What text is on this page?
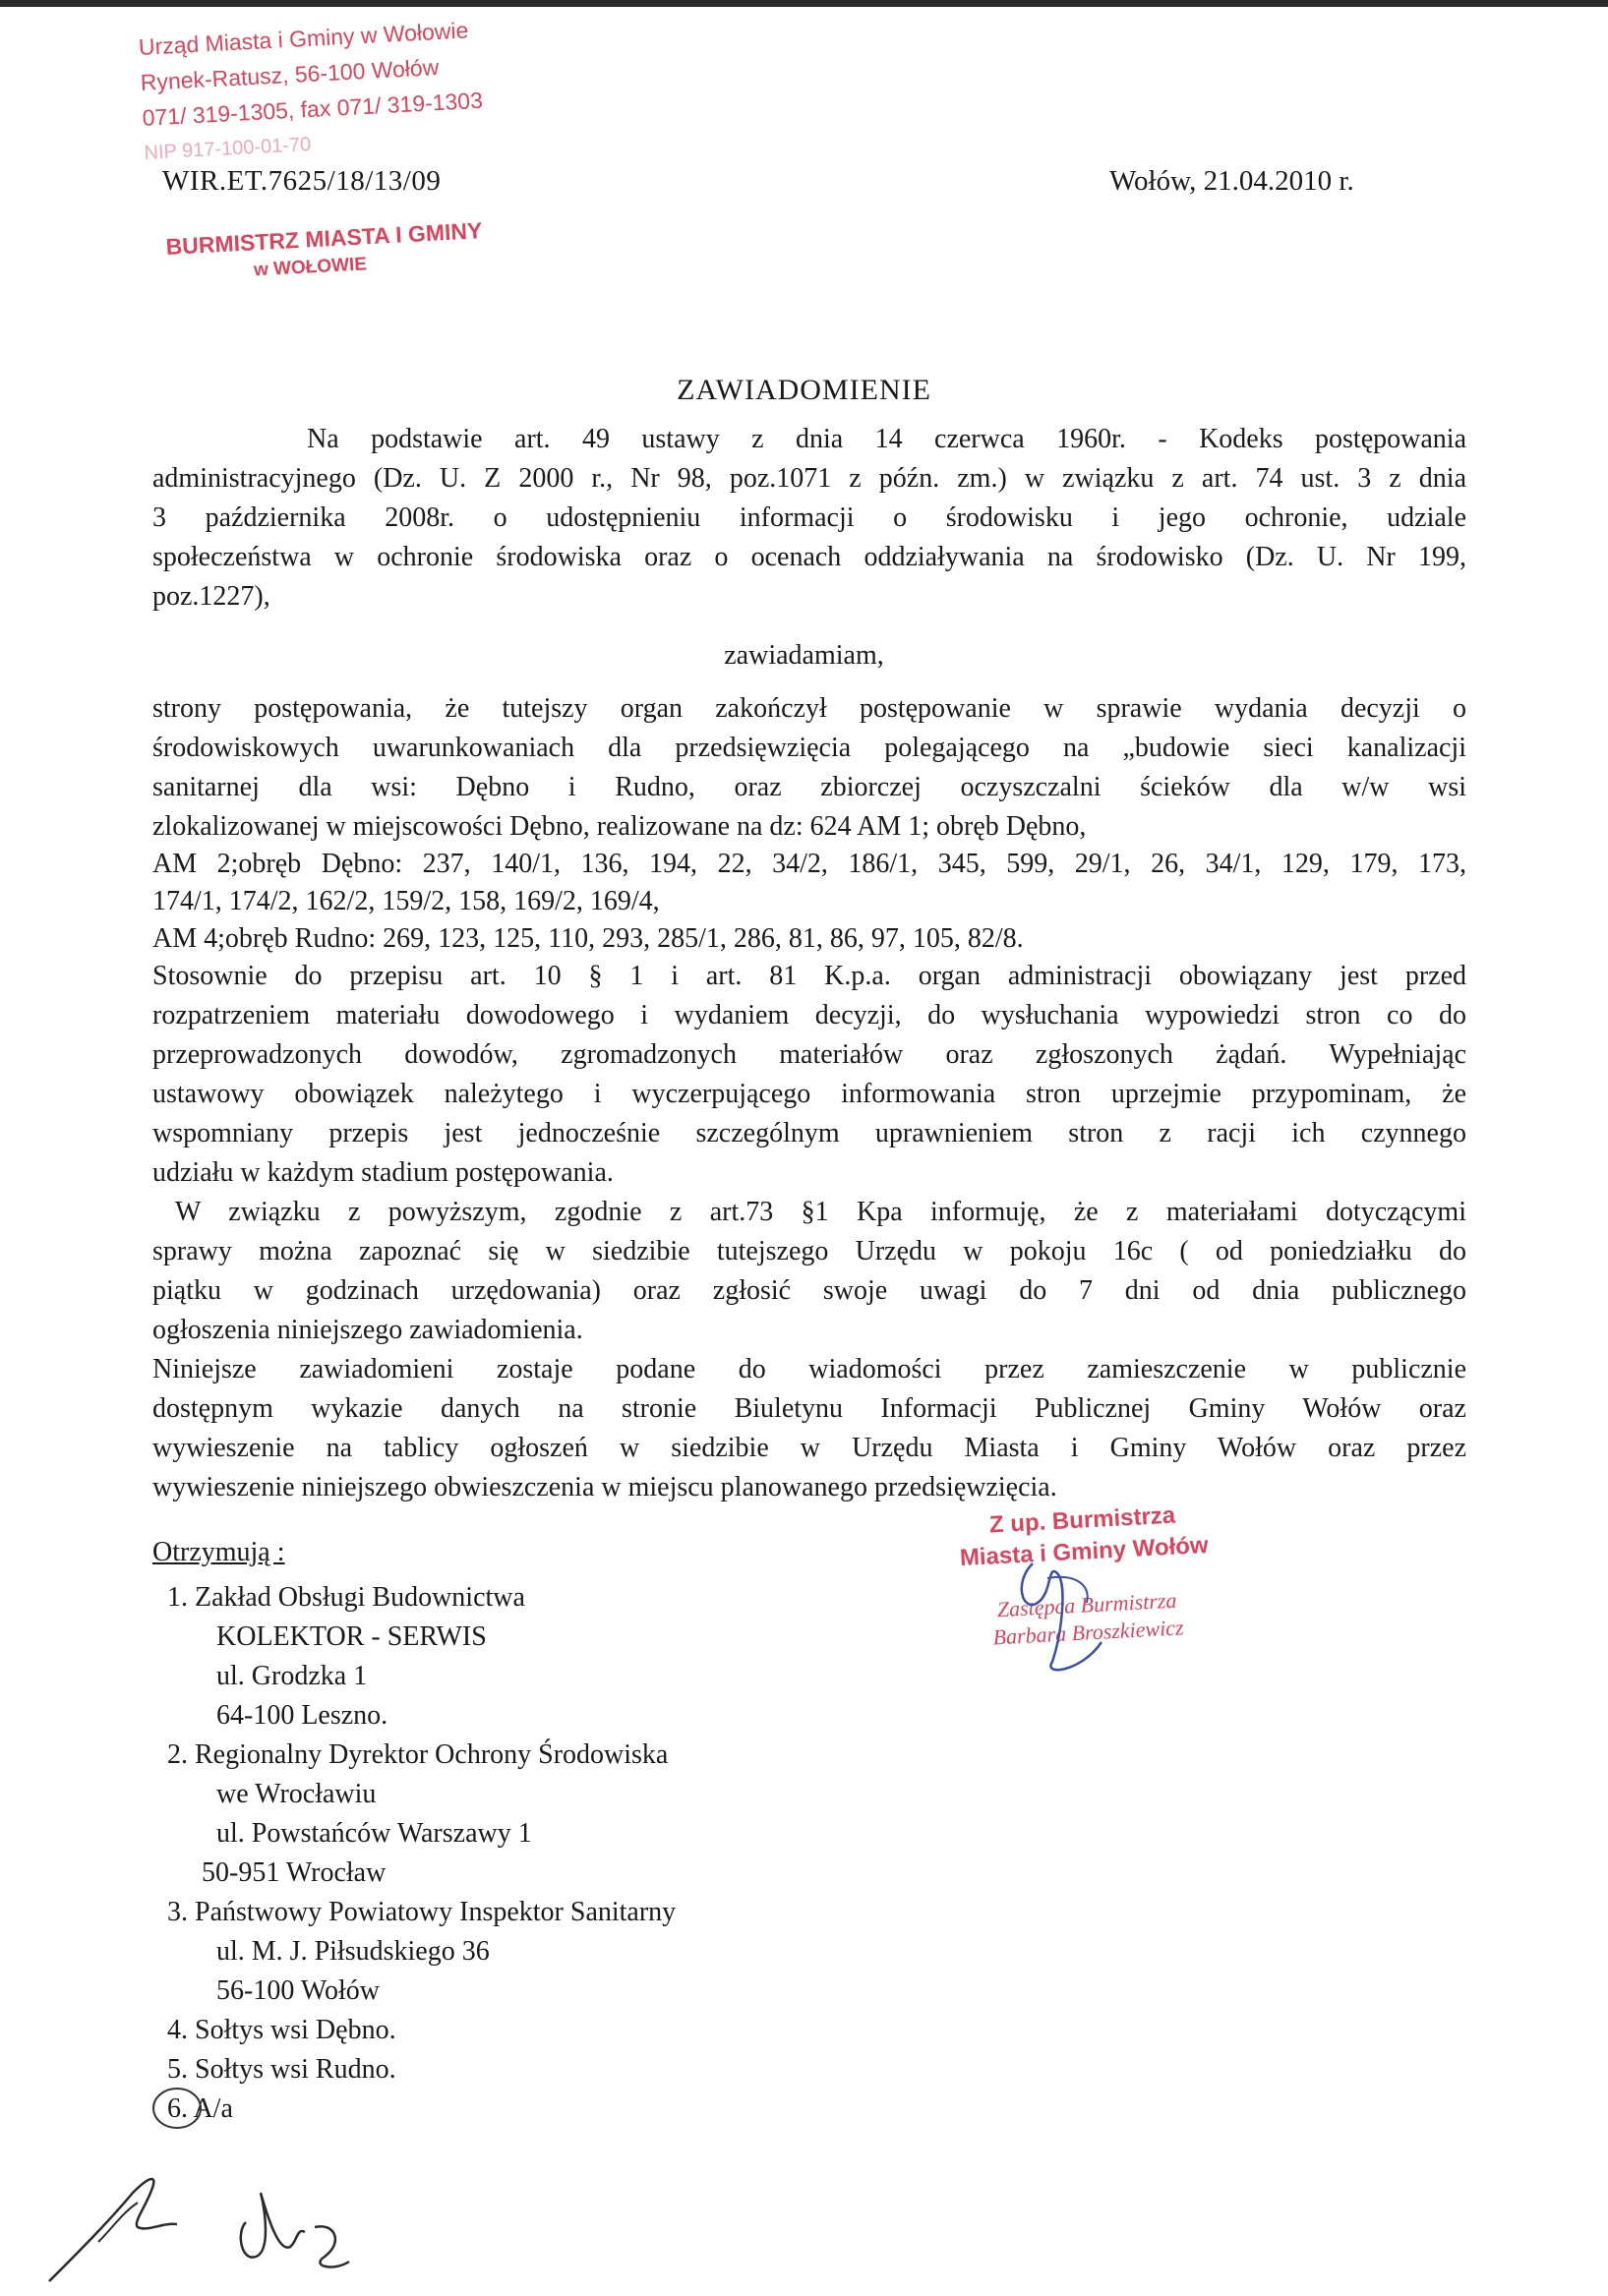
Urząd Miasta i Gminy w Wołowie
Rynek-Ratusz, 56-100 Wołów
071/ 319-1305, fax 071/ 319-1303
NIP 917-100-01-70
WIR.ET.7625/18/13/09	Wołów, 21.04.2010 r.
BURMISTRZ MIASTA I GMINY
w WOŁOWIE
ZAWIADOMIENIE
Na podstawie art. 49 ustawy z dnia 14 czerwca 1960r. - Kodeks postępowania
administracyjnego (Dz. U. Z 2000 r., Nr 98, poz.1071 z późn. zm.) w związku z art. 74 ust. 3 z dnia
3 października 2008r. o udostępnieniu informacji o środowisku i jego ochronie, udziale
społeczeństwa w ochronie środowiska oraz o ocenach oddziaływania na środowisko (Dz. U. Nr 199,
poz.1227),
zawiadamiam,
strony postępowania, że tutejszy organ zakończył postępowanie w sprawie wydania decyzji o
środowiskowych uwarunkowaniach dla przedsięwzięcia polegającego na „budowie sieci kanalizacji
sanitarnej dla wsi: Dębno i Rudno, oraz zbiorczej oczyszczalni ścieków dla w/w wsi
zlokalizowanej w miejscowości Dębno, realizowane na dz: 624 AM 1; obręb Dębno,
AM 2;obręb Dębno: 237, 140/1, 136, 194, 22, 34/2, 186/1, 345, 599, 29/1, 26, 34/1, 129, 179, 173,
174/1, 174/2, 162/2, 159/2, 158, 169/2, 169/4,
AM 4;obręb Rudno: 269, 123, 125, 110, 293, 285/1, 286, 81, 86, 97, 105, 82/8.
Stosownie do przepisu art. 10 § 1 i art. 81 K.p.a. organ administracji obowiązany jest przed
rozpatrzeniem materiału dowodowego i wydaniem decyzji, do wysłuchania wypowiedzi stron co do
przeprowadzonych dowodów, zgromadzonych materiałów oraz zgłoszonych żądań. Wypełniając
ustawowy obowiązek należytego i wyczerpującego informowania stron uprzejmie przypominam, że
wspomniany przepis jest jednocześnie szczególnym uprawnieniem stron z racji ich czynnego
udziału w każdym stadium postępowania.
W związku z powyższym, zgodnie z art.73 §1 Kpa informuję, że z materiałami dotyczącymi
sprawy można zapoznać się w siedzibie tutejszego Urzędu w pokoju 16c ( od poniedziałku do
piątku w godzinach urzędowania) oraz zgłosić swoje uwagi do 7 dni od dnia publicznego
ogłoszenia niniejszego zawiadomienia.
Niniejsze zawiadomieni zostaje podane do wiadomości przez zamieszczenie w publicznie
dostępnym wykazie danych na stronie Biuletynu Informacji Publicznej Gminy Wołów oraz
wywieszenie na tablicy ogłoszeń w siedzibie w Urzędu Miasta i Gminy Wołów oraz przez
wywieszenie niniejszego obwieszczenia w miejscu planowanego przedsięwzięcia.
Otrzymują :
1. Zakład Obsługi Budownictwa
KOLEKTOR - SERWIS
ul. Grodzka 1
64-100 Leszno.
2. Regionalny Dyrektor Ochrony Środowiska
we Wrocławiu
ul. Powstańców Warszawy 1
50-951 Wrocław
3. Państwowy Powiatowy Inspektor Sanitarny
ul. M. J. Piłsudskiego 36
56-100 Wołów
4. Sołtys wsi Dębno.
5. Sołtys wsi Rudno.
6. A/a
Z up. Burmistrza
Miasta i Gminy Wołów
Zastępca Burmistrza
Barbara Broszkiewicz
